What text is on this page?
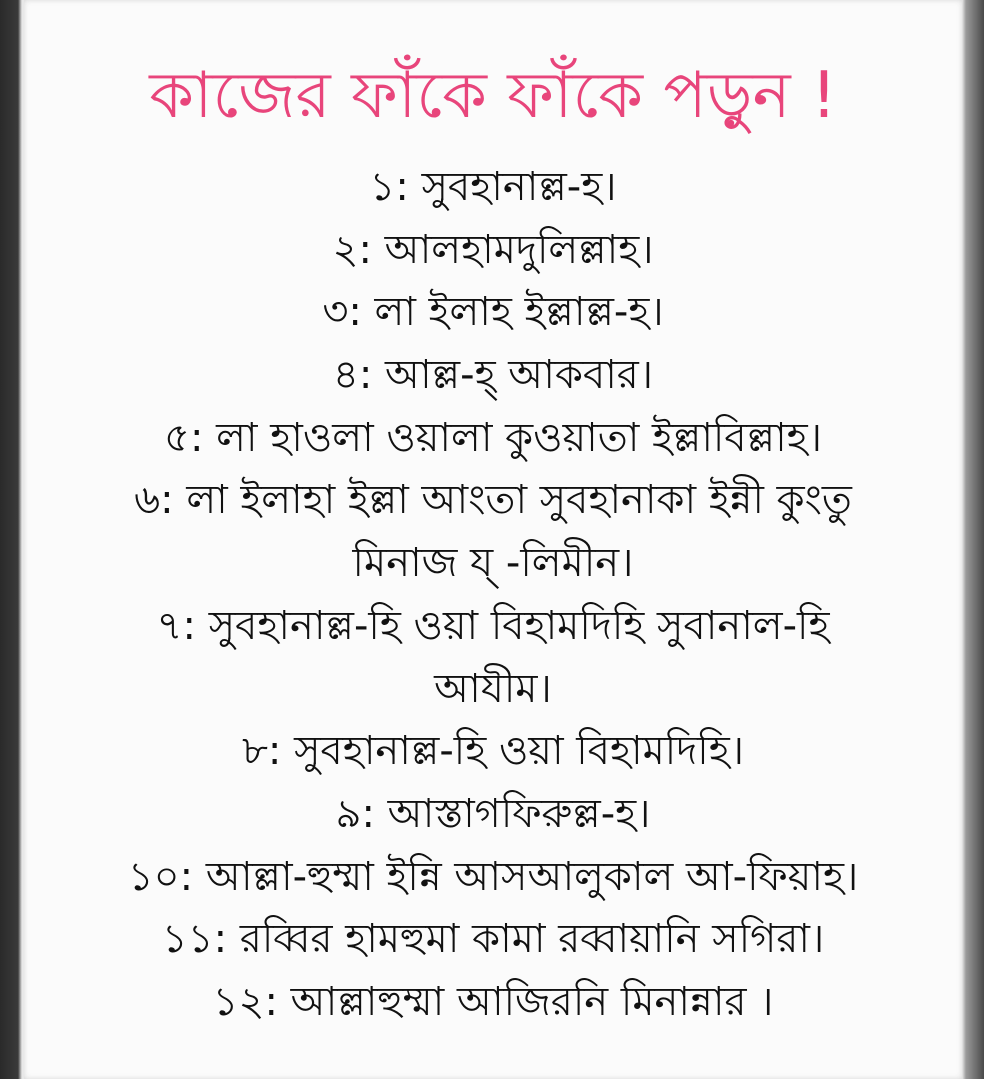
কাজের ফাঁকে ফাঁকে পড়ুন !
১: সুবহানাল্ল-হ।
২: আলহামদুলিল্লাহ।
৩: লা ইলাহ ইল্লাল্ল-হ।
৪: আল্ল-হ্ আকবার।
৫: লা হাওলা ওয়ালা কুওয়াতা ইল্লাবিল্লাহ।
৬: লা ইলাহা ইল্লা আংতা সুবহানাকা ইন্নী কুংতু
মিনাজ য্‌ -লিমীন।
৭: সুবহানাল্ল-হি ওয়া বিহামদিহি সুবানাল-হি
আযীম।
৮: সুবহানাল্ল-হি ওয়া বিহামদিহি।
৯: আস্তাগফিরুল্ল-হ।
১০: আল্লা-হুম্মা ইন্নি আসআলুকাল আ-ফিয়াহ।
১১: রব্বির হামহুমা কামা রব্বায়ানি সগিরা।
১২: আল্লাহুম্মা আজিরনি মিনান্নার ।
